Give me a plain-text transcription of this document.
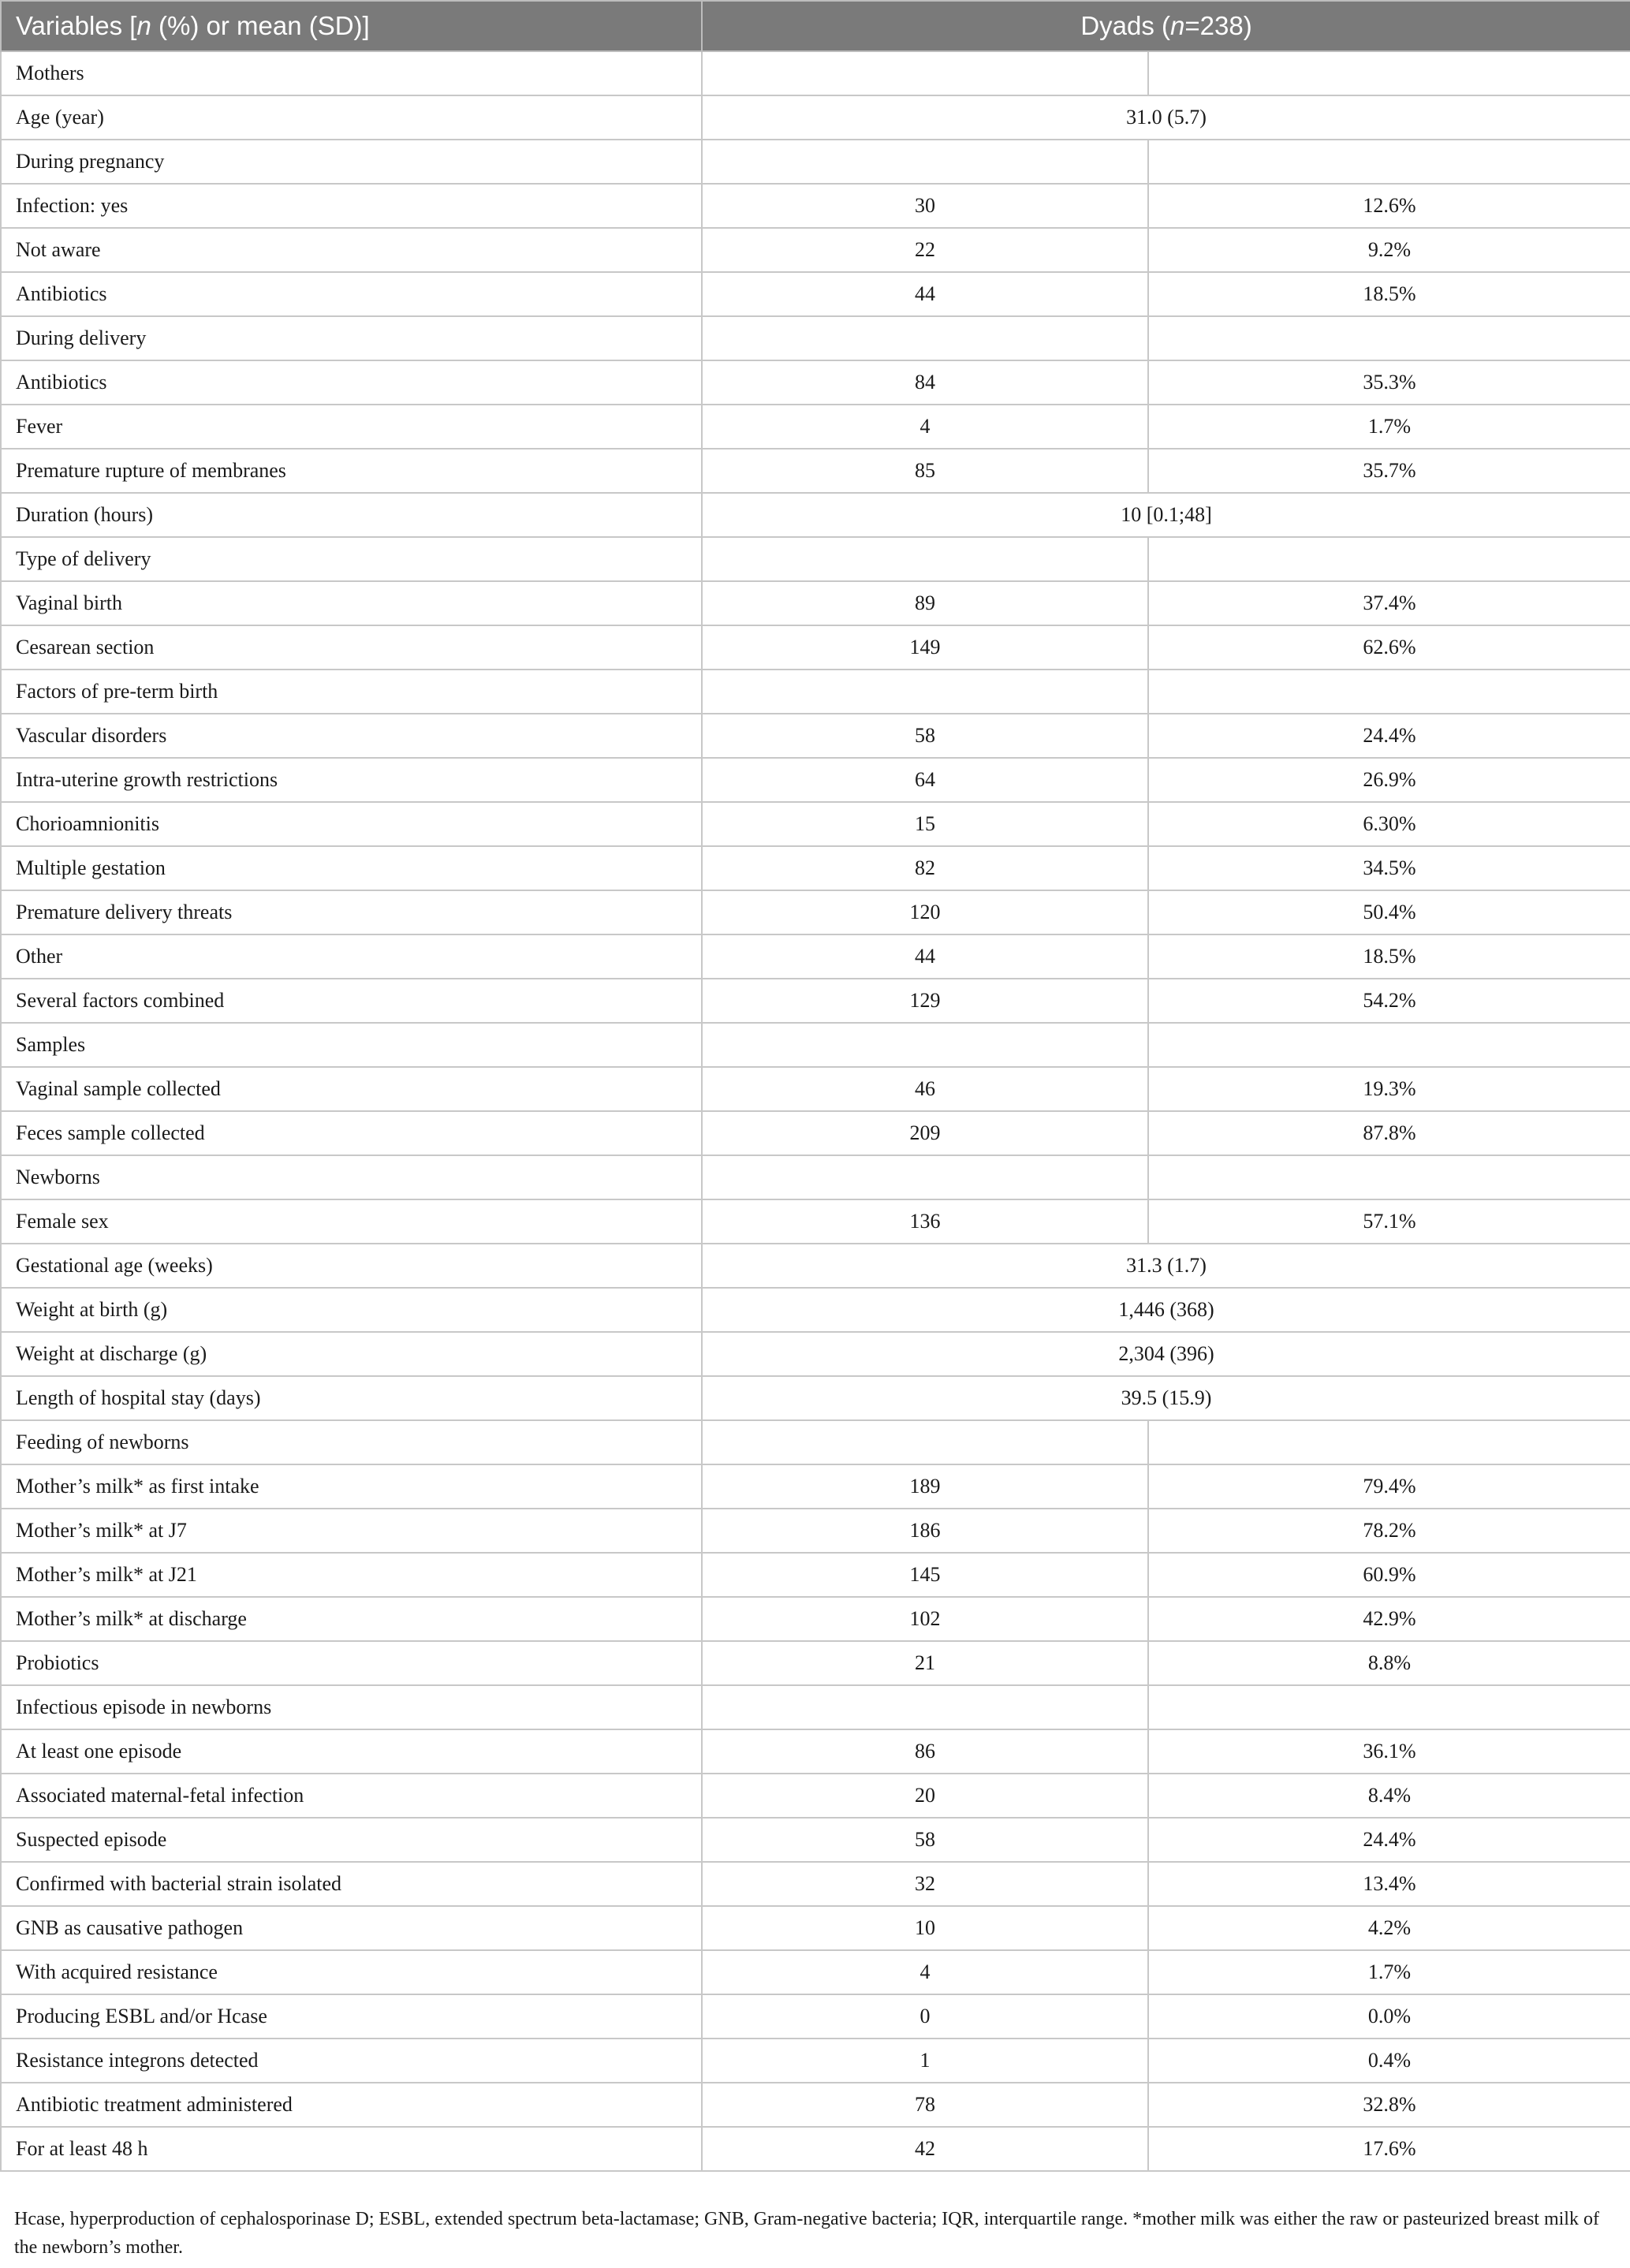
Variables [n (%) or mean (SD)]	Dyads (n=238)	
Mothers		
Age (year)	31.0 (5.7)	
During pregnancy		
Infection: yes	30	12.6%
Not aware	22	9.2%
Antibiotics	44	18.5%
During delivery		
Antibiotics	84	35.3%
Fever	4	1.7%
Premature rupture of membranes	85	35.7%
Duration (hours)	10 [0.1;48]	
Type of delivery		
Vaginal birth	89	37.4%
Cesarean section	149	62.6%
Factors of pre-term birth		
Vascular disorders	58	24.4%
Intra-uterine growth restrictions	64	26.9%
Chorioamnionitis	15	6.30%
Multiple gestation	82	34.5%
Premature delivery threats	120	50.4%
Other	44	18.5%
Several factors combined	129	54.2%
Samples		
Vaginal sample collected	46	19.3%
Feces sample collected	209	87.8%
Newborns		
Female sex	136	57.1%
Gestational age (weeks)	31.3 (1.7)	
Weight at birth (g)	1,446 (368)	
Weight at discharge (g)	2,304 (396)	
Length of hospital stay (days)	39.5 (15.9)	
Feeding of newborns		
Mother’s milk* as first intake	189	79.4%
Mother’s milk* at J7	186	78.2%
Mother’s milk* at J21	145	60.9%
Mother’s milk* at discharge	102	42.9%
Probiotics	21	8.8%
Infectious episode in newborns		
At least one episode	86	36.1%
Associated maternal-fetal infection	20	8.4%
Suspected episode	58	24.4%
Confirmed with bacterial strain isolated	32	13.4%
GNB as causative pathogen	10	4.2%
With acquired resistance	4	1.7%
Producing ESBL and/or Hcase	0	0.0%
Resistance integrons detected	1	0.4%
Antibiotic treatment administered	78	32.8%
For at least 48 h	42	17.6%
Hcase, hyperproduction of cephalosporinase D; ESBL, extended spectrum beta-lactamase; GNB, Gram-negative bacteria; IQR, interquartile range. *mother milk was either the raw or pasteurized breast milk of the newborn’s mother.
